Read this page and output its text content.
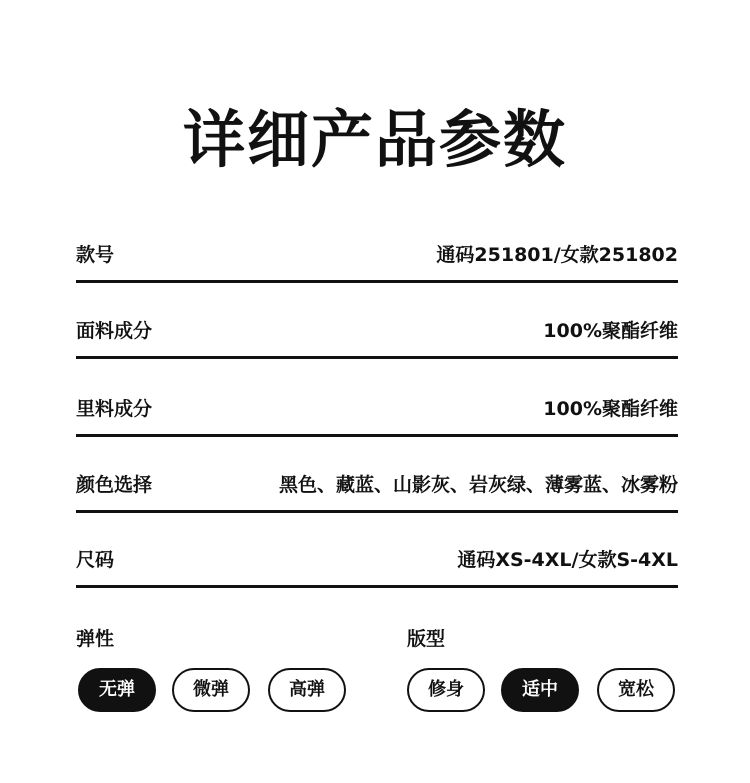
详细产品参数
款号	通码251801/女款251802
面料成分	100%聚酯纤维
里料成分	100%聚酯纤维
颜色选择	黑色、藏蓝、山影灰、岩灰绿、薄雾蓝、冰雾粉
尺码	通码XS-4XL/女款S-4XL
弹性	版型
无弹	微弹	高弹	修身	适中	宽松
